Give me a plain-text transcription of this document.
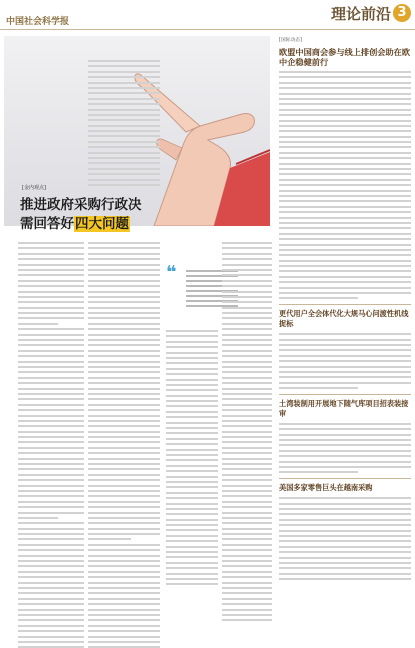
中国社会科学报	理论前沿 3
[金内观点]
推进政府采购行政决
需回答好四大问题
❝
[国际动态]
欧盟中国商会参与线上排创会助在欧中企稳健前行
更代用户全会体代化大规马心问渡性机线捉标
土湾装制用开展地下随气库项目招表装接审
美国多家零售巨头在越南采购
